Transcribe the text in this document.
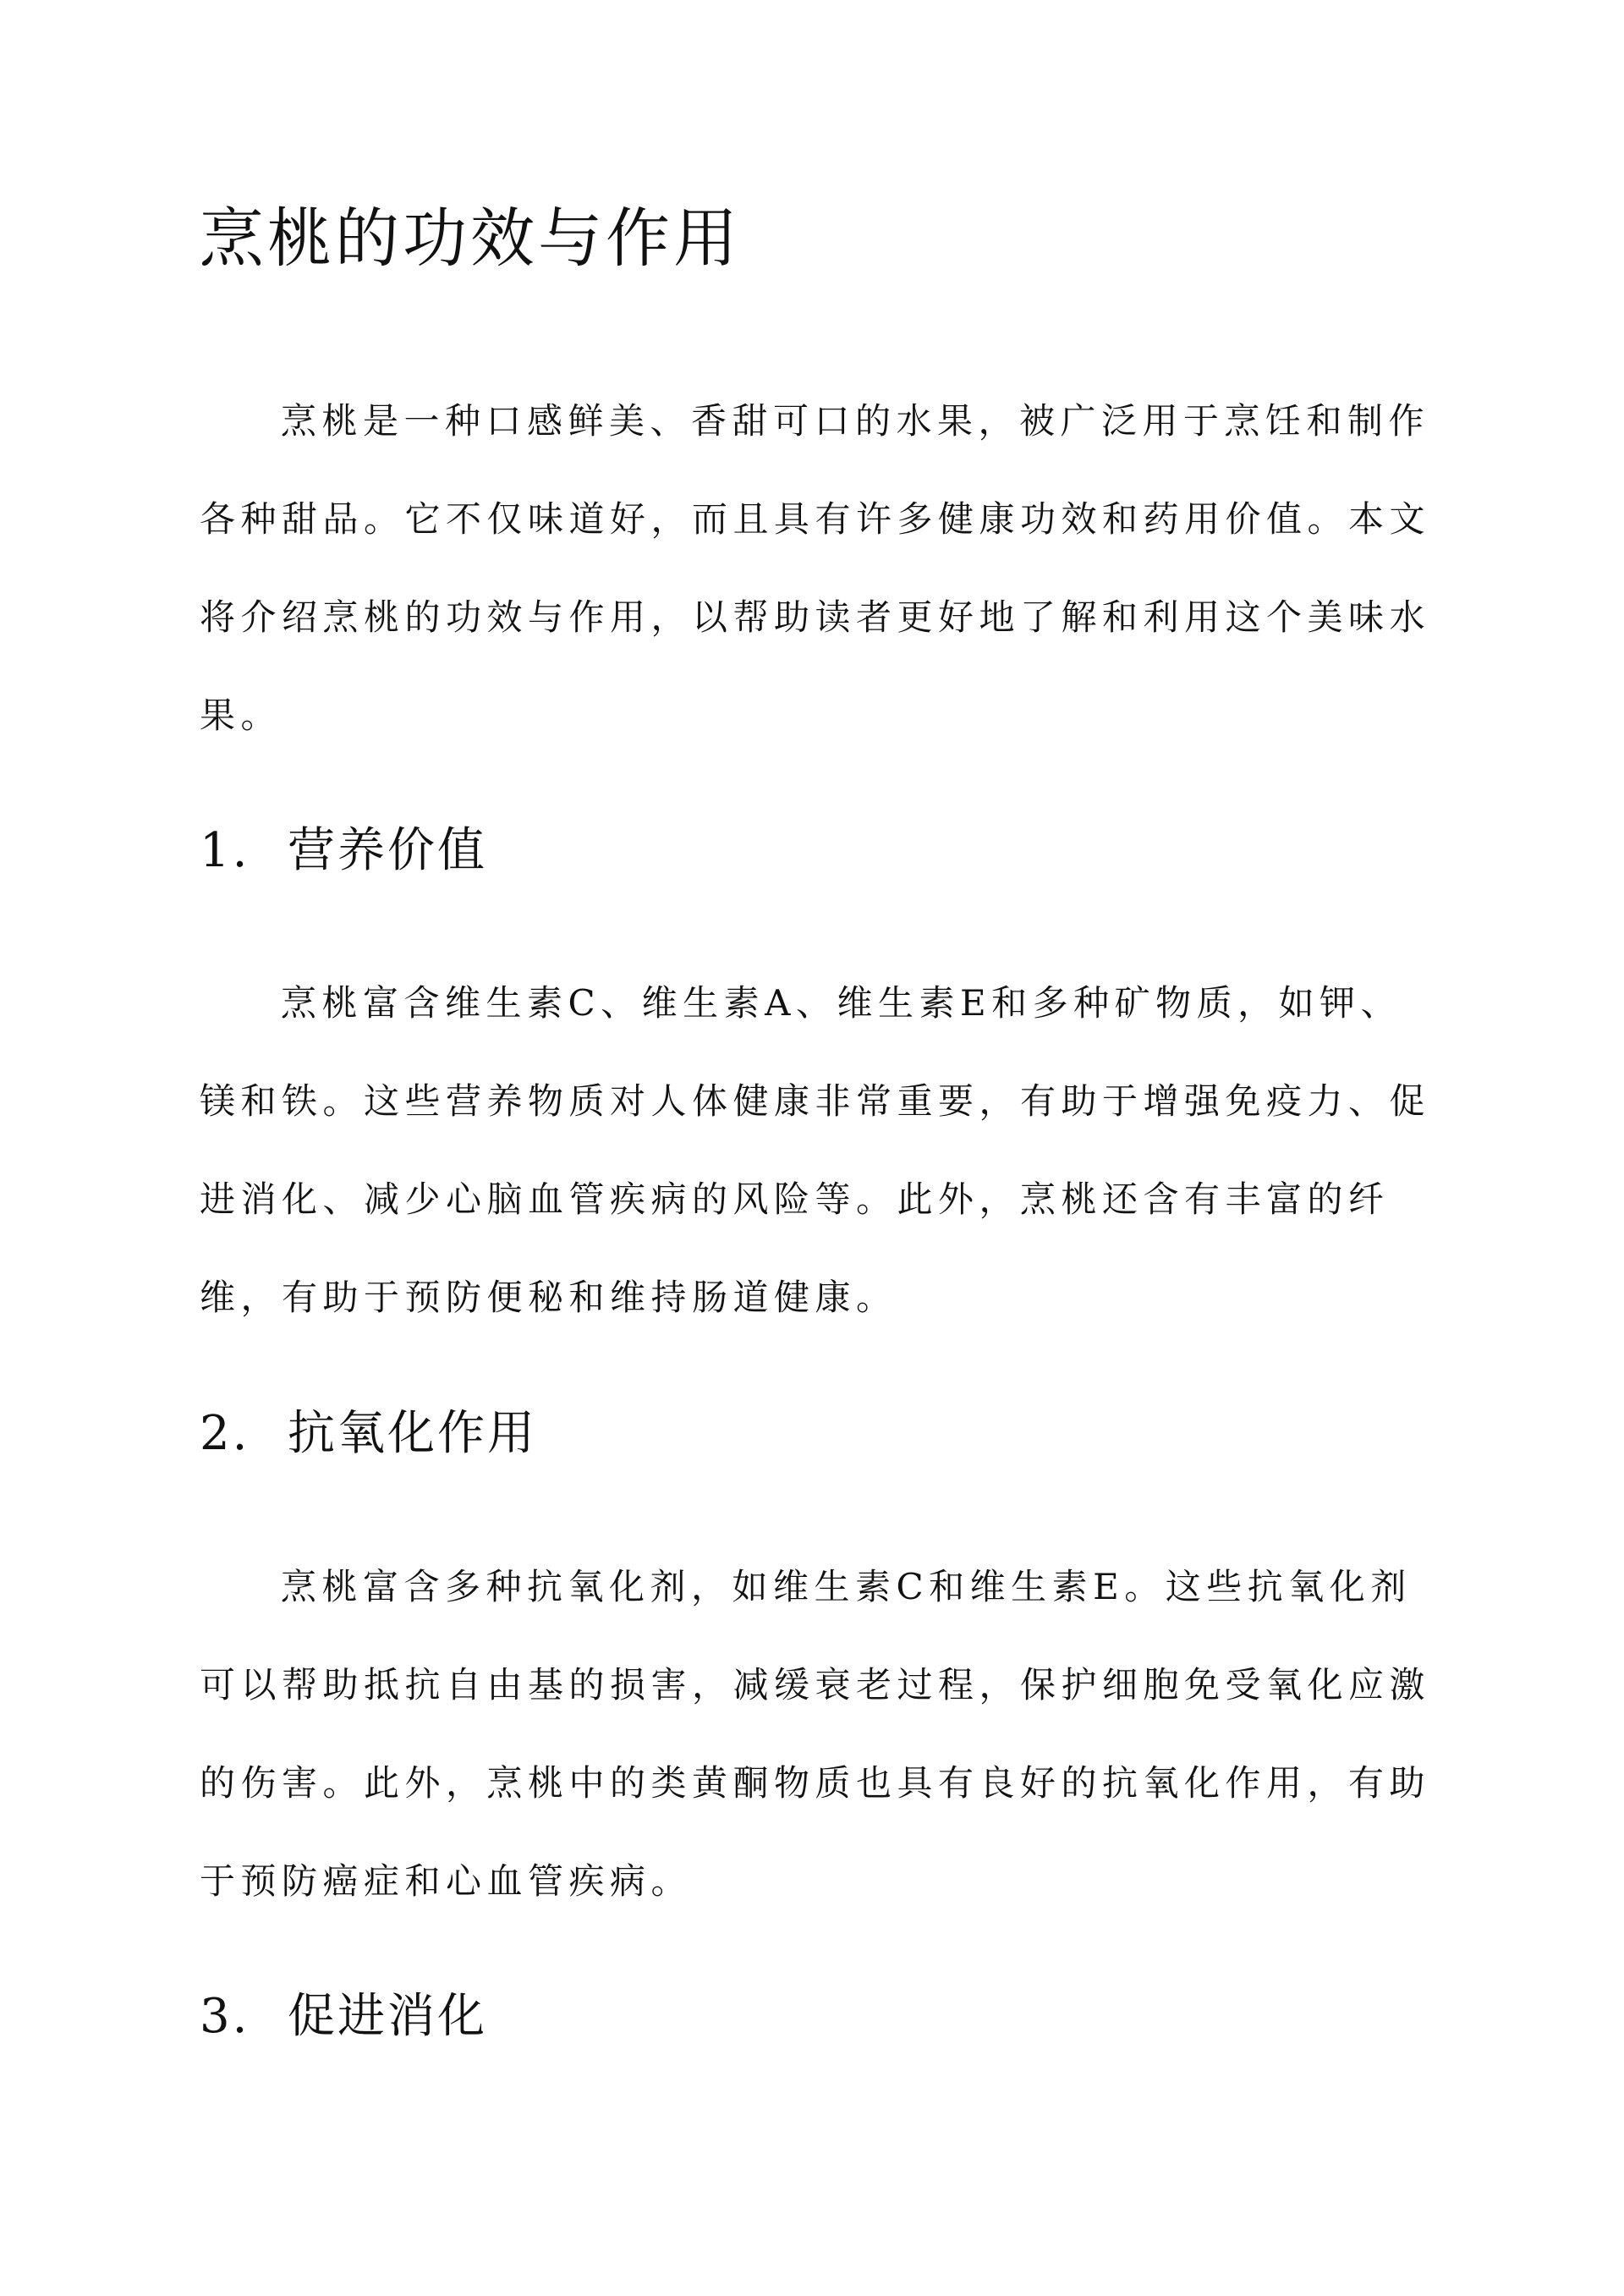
烹桃的功效与作用

烹桃是一种口感鲜美、香甜可口的水果，被广泛用于烹饪和制作各种甜品。它不仅味道好，而且具有许多健康功效和药用价值。本文将介绍烹桃的功效与作用，以帮助读者更好地了解和利用这个美味水果。

1. 营养价值

烹桃富含维生素C、维生素A、维生素E和多种矿物质，如钾、镁和铁。这些营养物质对人体健康非常重要，有助于增强免疫力、促进消化、减少心脑血管疾病的风险等。此外，烹桃还含有丰富的纤维，有助于预防便秘和维持肠道健康。

2. 抗氧化作用

烹桃富含多种抗氧化剂，如维生素C和维生素E。这些抗氧化剂可以帮助抵抗自由基的损害，减缓衰老过程，保护细胞免受氧化应激的伤害。此外，烹桃中的类黄酮物质也具有良好的抗氧化作用，有助于预防癌症和心血管疾病。

3. 促进消化
